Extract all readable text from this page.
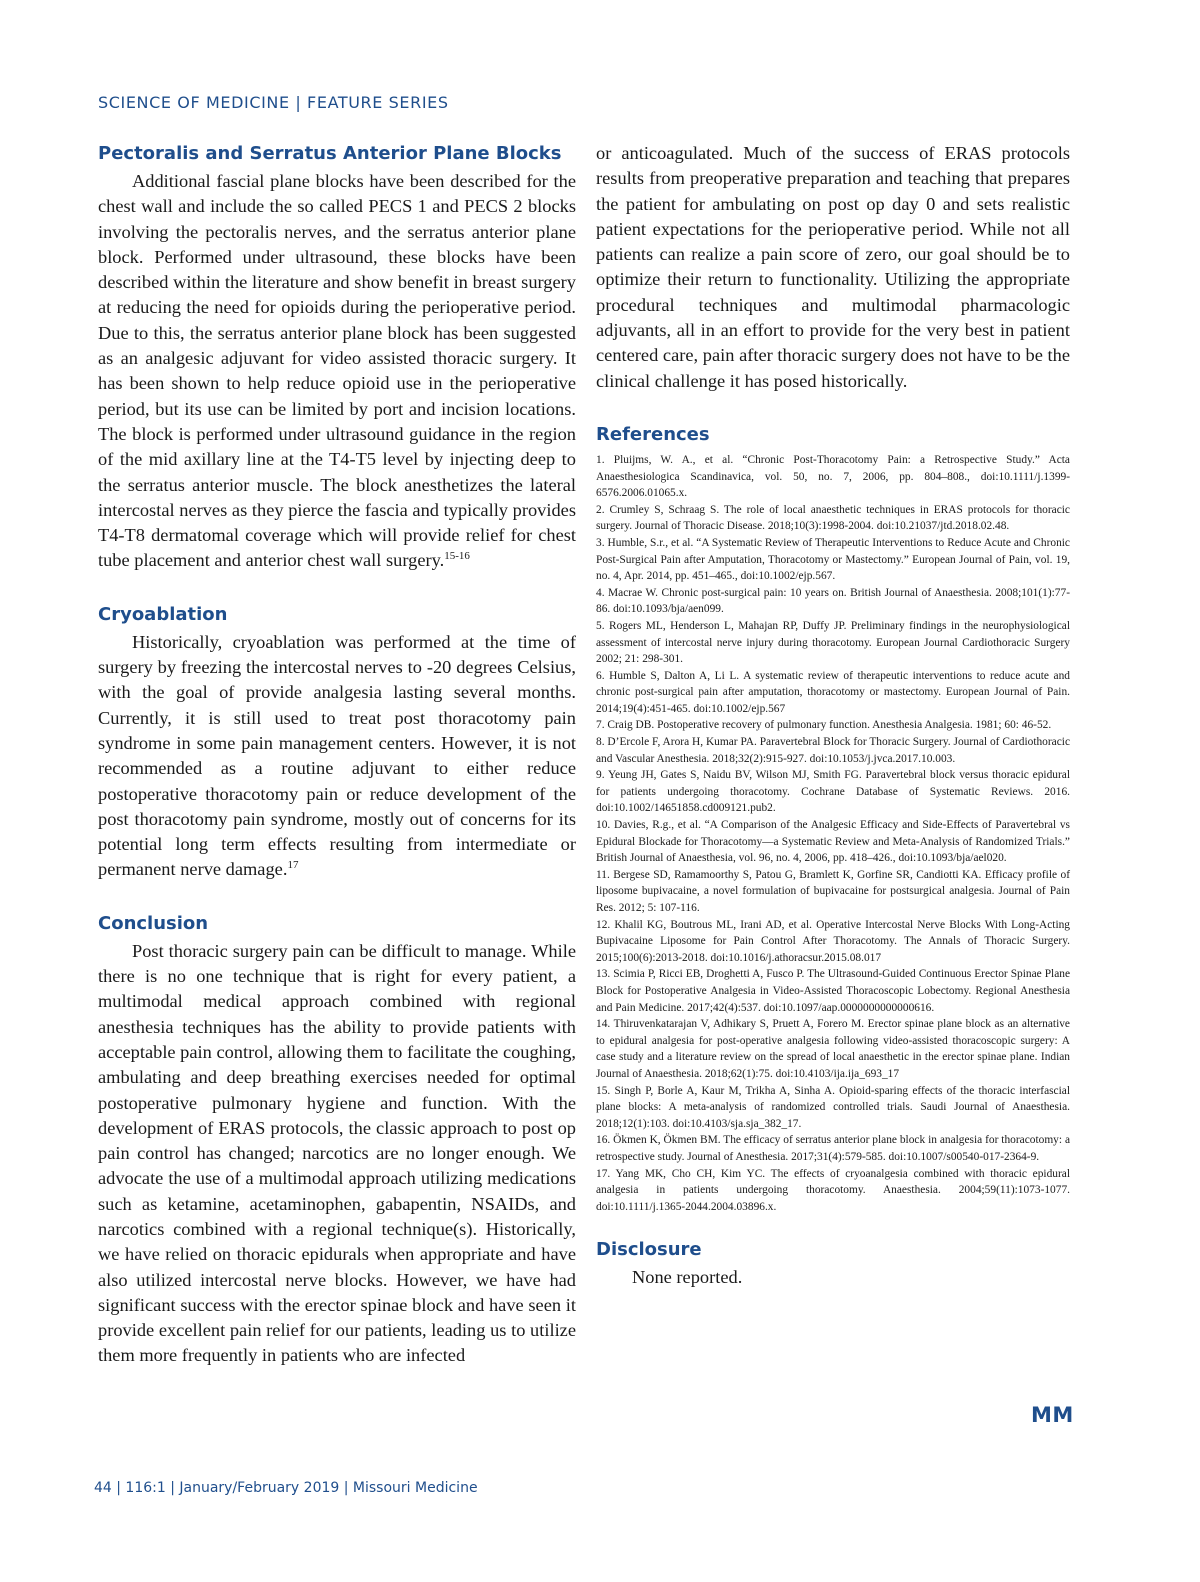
SCIENCE OF MEDICINE | FEATURE SERIES
Pectoralis and Serratus Anterior Plane Blocks

Additional fascial plane blocks have been described for the chest wall and include the so called PECS 1 and PECS 2 blocks involving the pectoralis nerves, and the serratus anterior plane block. Performed under ultrasound, these blocks have been described within the literature and show benefit in breast surgery at reducing the need for opioids during the perioperative period. Due to this, the serratus anterior plane block has been suggested as an analgesic adjuvant for video assisted thoracic surgery. It has been shown to help reduce opioid use in the perioperative period, but its use can be limited by port and incision locations. The block is performed under ultrasound guidance in the region of the mid axillary line at the T4-T5 level by injecting deep to the serratus anterior muscle. The block anesthetizes the lateral intercostal nerves as they pierce the fascia and typically provides T4-T8 dermatomal coverage which will provide relief for chest tube placement and anterior chest wall surgery.$^{15-16}$

Cryoablation

Historically, cryoablation was performed at the time of surgery by freezing the intercostal nerves to -20 degrees Celsius, with the goal of provide analgesia lasting several months. Currently, it is still used to treat post thoracotomy pain syndrome in some pain management centers. However, it is not recommended as a routine adjuvant to either reduce postoperative thoracotomy pain or reduce development of the post thoracotomy pain syndrome, mostly out of concerns for its potential long term effects resulting from intermediate or permanent nerve damage.$^{17}$

Conclusion

Post thoracic surgery pain can be difficult to manage. While there is no one technique that is right for every patient, a multimodal medical approach combined with regional anesthesia techniques has the ability to provide patients with acceptable pain control, allowing them to facilitate the coughing, ambulating and deep breathing exercises needed for optimal postoperative pulmonary hygiene and function. With the development of ERAS protocols, the classic approach to post op pain control has changed; narcotics are no longer enough. We advocate the use of a multimodal approach utilizing medications such as ketamine, acetaminophen, gabapentin, NSAIDs, and narcotics combined with a regional technique(s). Historically, we have relied on thoracic epidurals when appropriate and have also utilized intercostal nerve blocks. However, we have had significant success with the erector spinae block and have seen it provide excellent pain relief for our patients, leading us to utilize them more frequently in patients who are infected

or anticoagulated. Much of the success of ERAS protocols results from preoperative preparation and teaching that prepares the patient for ambulating on post op day 0 and sets realistic patient expectations for the perioperative period. While not all patients can realize a pain score of zero, our goal should be to optimize their return to functionality. Utilizing the appropriate procedural techniques and multimodal pharmacologic adjuvants, all in an effort to provide for the very best in patient centered care, pain after thoracic surgery does not have to be the clinical challenge it has posed historically.

References
1. Pluijms, W. A., et al. “Chronic Post-Thoracotomy Pain: a Retrospective Study.” Acta Anaesthesiologica Scandinavica, vol. 50, no. 7, 2006, pp. 804–808., doi:10.1111/j.1399-6576.2006.01065.x.
2. Crumley S, Schraag S. The role of local anaesthetic techniques in ERAS protocols for thoracic surgery. Journal of Thoracic Disease. 2018;10(3):1998-2004. doi:10.21037/jtd.2018.02.48.
3. Humble, S.r., et al. “A Systematic Review of Therapeutic Interventions to Reduce Acute and Chronic Post-Surgical Pain after Amputation, Thoracotomy or Mastectomy.” European Journal of Pain, vol. 19, no. 4, Apr. 2014, pp. 451–465., doi:10.1002/ejp.567.
4. Macrae W. Chronic post-surgical pain: 10 years on. British Journal of Anaesthesia. 2008;101(1):77-86. doi:10.1093/bja/aen099.
5. Rogers ML, Henderson L, Mahajan RP, Duffy JP. Preliminary findings in the neurophysiological assessment of intercostal nerve injury during thoracotomy. European Journal Cardiothoracic Surgery 2002; 21: 298-301.
6. Humble S, Dalton A, Li L. A systematic review of therapeutic interventions to reduce acute and chronic post-surgical pain after amputation, thoracotomy or mastectomy. European Journal of Pain. 2014;19(4):451-465. doi:10.1002/ejp.567
7. Craig DB. Postoperative recovery of pulmonary function. Anesthesia Analgesia. 1981; 60: 46-52.
8. D’Ercole F, Arora H, Kumar PA. Paravertebral Block for Thoracic Surgery. Journal of Cardiothoracic and Vascular Anesthesia. 2018;32(2):915-927. doi:10.1053/j.jvca.2017.10.003.
9. Yeung JH, Gates S, Naidu BV, Wilson MJ, Smith FG. Paravertebral block versus thoracic epidural for patients undergoing thoracotomy. Cochrane Database of Systematic Reviews. 2016. doi:10.1002/14651858.cd009121.pub2.
10. Davies, R.g., et al. “A Comparison of the Analgesic Efficacy and Side-Effects of Paravertebral vs Epidural Blockade for Thoracotomy—a Systematic Review and Meta-Analysis of Randomized Trials.” British Journal of Anaesthesia, vol. 96, no. 4, 2006, pp. 418–426., doi:10.1093/bja/ael020.
11. Bergese SD, Ramamoorthy S, Patou G, Bramlett K, Gorfine SR, Candiotti KA. Efficacy profile of liposome bupivacaine, a novel formulation of bupivacaine for postsurgical analgesia. Journal of Pain Res. 2012; 5: 107-116.
12. Khalil KG, Boutrous ML, Irani AD, et al. Operative Intercostal Nerve Blocks With Long-Acting Bupivacaine Liposome for Pain Control After Thoracotomy. The Annals of Thoracic Surgery. 2015;100(6):2013-2018. doi:10.1016/j.athoracsur.2015.08.017
13. Scimia P, Ricci EB, Droghetti A, Fusco P. The Ultrasound-Guided Continuous Erector Spinae Plane Block for Postoperative Analgesia in Video-Assisted Thoracoscopic Lobectomy. Regional Anesthesia and Pain Medicine. 2017;42(4):537. doi:10.1097/aap.0000000000000616.
14. Thiruvenkatarajan V, Adhikary S, Pruett A, Forero M. Erector spinae plane block as an alternative to epidural analgesia for post-operative analgesia following video-assisted thoracoscopic surgery: A case study and a literature review on the spread of local anaesthetic in the erector spinae plane. Indian Journal of Anaesthesia. 2018;62(1):75. doi:10.4103/ija.ija_693_17
15. Singh P, Borle A, Kaur M, Trikha A, Sinha A. Opioid-sparing effects of the thoracic interfascial plane blocks: A meta-analysis of randomized controlled trials. Saudi Journal of Anaesthesia. 2018;12(1):103. doi:10.4103/sja.sja_382_17.
16. Ökmen K, Ökmen BM. The efficacy of serratus anterior plane block in analgesia for thoracotomy: a retrospective study. Journal of Anesthesia. 2017;31(4):579-585. doi:10.1007/s00540-017-2364-9.
17. Yang MK, Cho CH, Kim YC. The effects of cryoanalgesia combined with thoracic epidural analgesia in patients undergoing thoracotomy. Anaesthesia. 2004;59(11):1073-1077. doi:10.1111/j.1365-2044.2004.03896.x.
Disclosure

None reported.

MM
44 | 116:1 | January/February 2019 | Missouri Medicine
